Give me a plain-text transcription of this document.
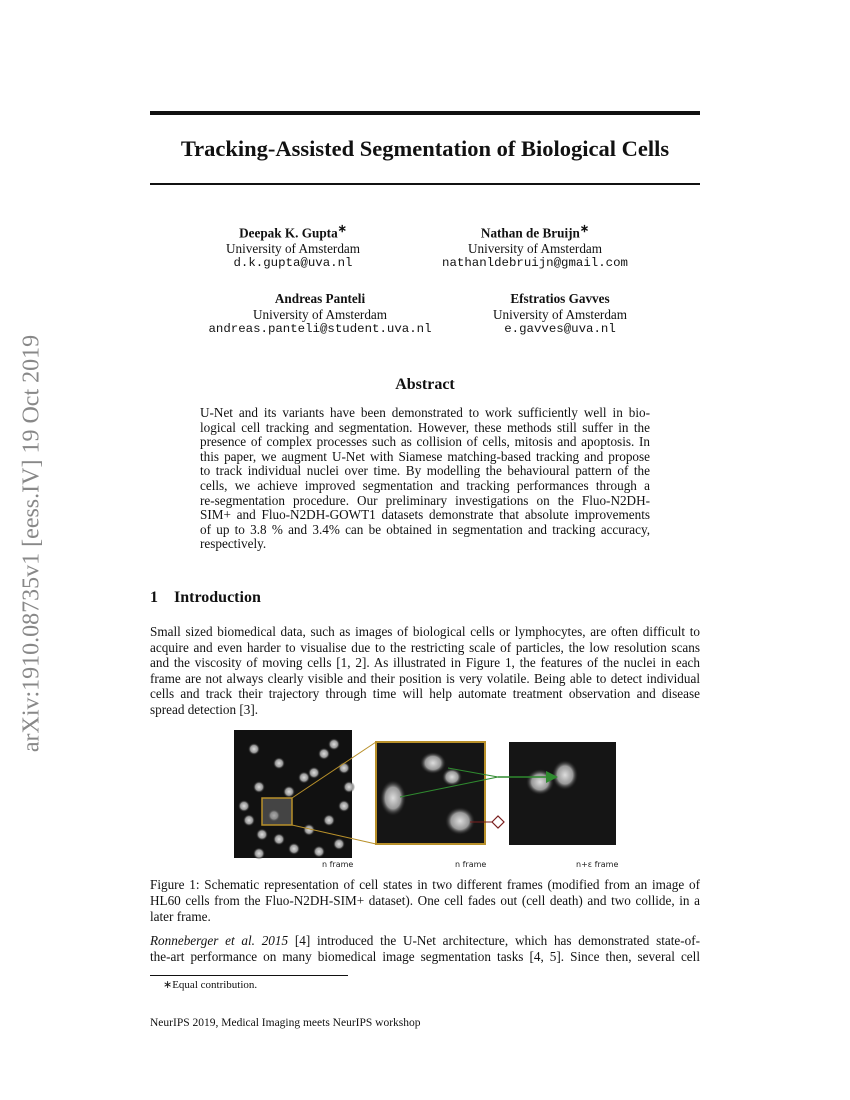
arXiv:1910.08735v1 [eess.IV] 19 Oct 2019
Tracking-Assisted Segmentation of Biological Cells
Deepak K. Gupta∗
University of Amsterdam
d.k.gupta@uva.nl
Nathan de Bruijn∗
University of Amsterdam
nathanldebruijn@gmail.com
Andreas Panteli
University of Amsterdam
andreas.panteli@student.uva.nl
Efstratios Gavves
University of Amsterdam
e.gavves@uva.nl
Abstract
U-Net and its variants have been demonstrated to work sufficiently well in bio-
logical cell tracking and segmentation. However, these methods still suffer in the
presence of complex processes such as collision of cells, mitosis and apoptosis. In
this paper, we augment U-Net with Siamese matching-based tracking and propose
to track individual nuclei over time. By modelling the behavioural pattern of the
cells, we achieve improved segmentation and tracking performances through a
re-segmentation procedure. Our preliminary investigations on the Fluo-N2DH-
SIM+ and Fluo-N2DH-GOWT1 datasets demonstrate that absolute improvements
of up to 3.8 % and 3.4% can be obtained in segmentation and tracking accuracy,
respectively.
1    Introduction
Small sized biomedical data, such as images of biological cells or lymphocytes, are often difficult to
acquire and even harder to visualise due to the restricting scale of particles, the low resolution scans
and the viscosity of moving cells [1, 2]. As illustrated in Figure 1, the features of the nuclei in each
frame are not always clearly visible and their position is very volatile. Being able to detect individual
cells and track their trajectory through time will help automate treatment observation and disease
spread detection [3].
n frame	n frame	n+ε frame
Figure 1: Schematic representation of cell states in two different frames (modified from an image of
HL60 cells from the Fluo-N2DH-SIM+ dataset). One cell fades out (cell death) and two collide, in a
later frame.
Ronneberger et al. 2015 [4] introduced the U-Net architecture, which has demonstrated state-of-
the-art performance on many biomedical image segmentation tasks [4, 5]. Since then, several cell
∗Equal contribution.
NeurIPS 2019, Medical Imaging meets NeurIPS workshop
